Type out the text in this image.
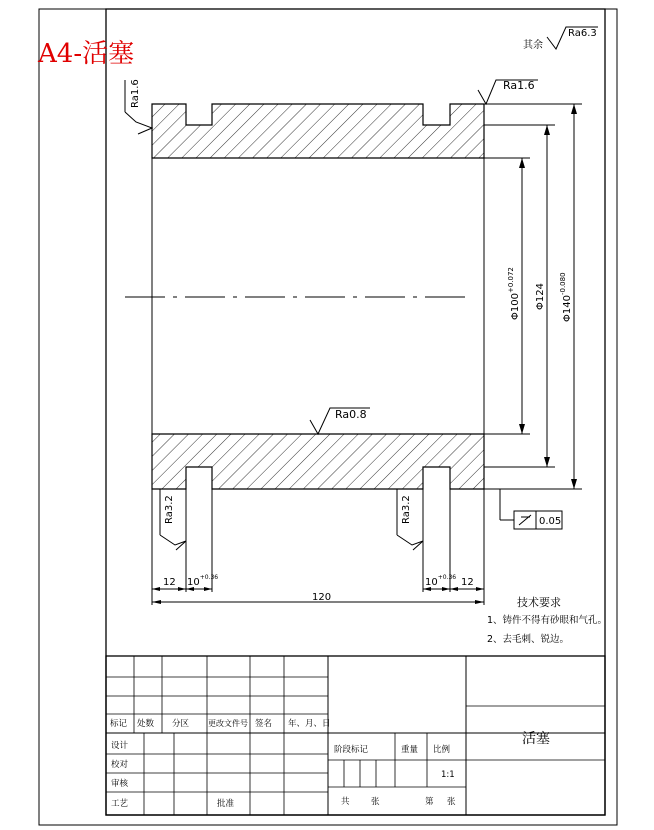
A4-活塞	其余
Ra6.3
Ra1.6	Ra1.6
Ra0.8
Ra3.2	Ra3.2
$\Phi 100^{+0.072}$
Φ124	$\Phi 140^{-0.080}$
0.05
12 $10^{+0.36}$	$10^{+0.36}$ 12
120	技术要求
1、铸件不得有砂眼和气孔。
2、去毛刺、锐边。
标记 处数 分区 更改文件号 签名 年、月、日
设计
校对
审核
工艺	批准
阶段标记	重量 比例
1:1
共	张	第 张
活塞
